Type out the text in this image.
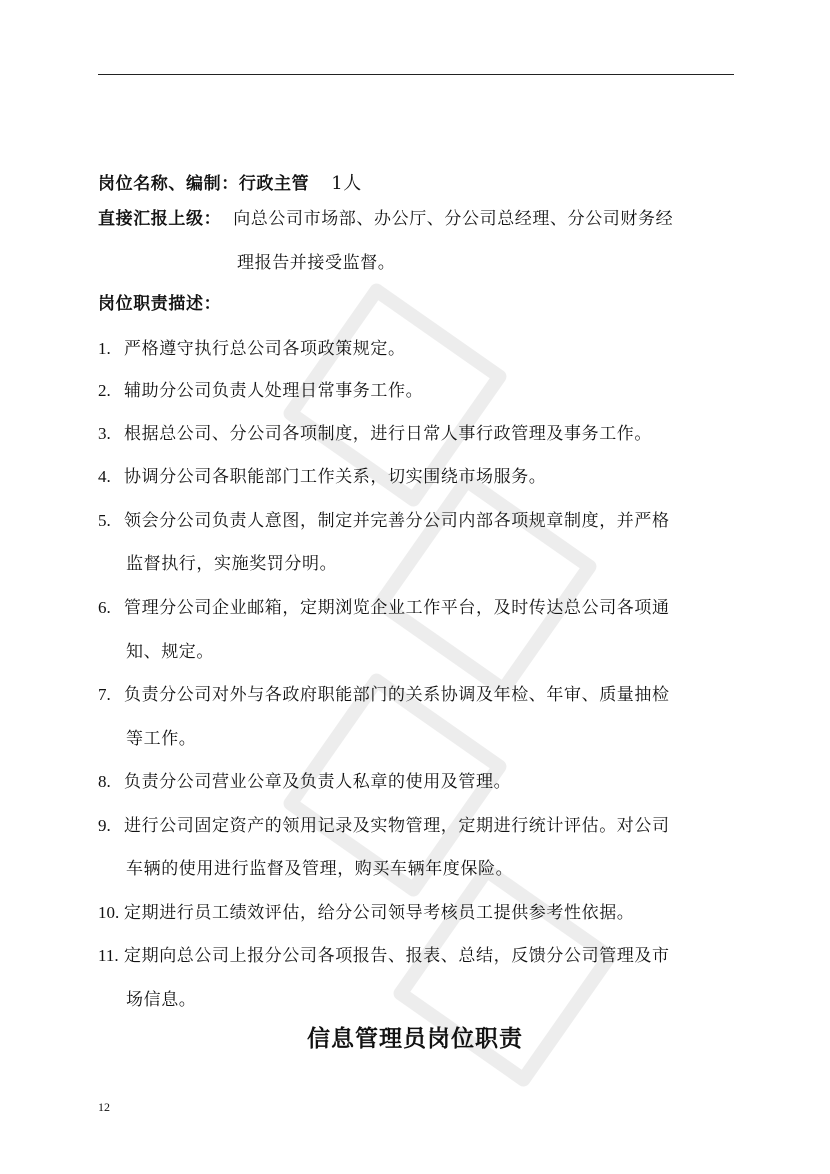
岗位名称、编制：行政主管 1人
直接汇报上级： 向总公司市场部、办公厅、分公司总经理、分公司财务经
理报告并接受监督。
岗位职责描述：
1. 严格遵守执行总公司各项政策规定。
2. 辅助分公司负责人处理日常事务工作。
3. 根据总公司、分公司各项制度，进行日常人事行政管理及事务工作。
4. 协调分公司各职能部门工作关系，切实围绕市场服务。
5. 领会分公司负责人意图，制定并完善分公司内部各项规章制度，并严格
监督执行，实施奖罚分明。
6. 管理分公司企业邮箱，定期浏览企业工作平台，及时传达总公司各项通
知、规定。
7. 负责分公司对外与各政府职能部门的关系协调及年检、年审、质量抽检
等工作。
8. 负责分公司营业公章及负责人私章的使用及管理。
9. 进行公司固定资产的领用记录及实物管理，定期进行统计评估。对公司
车辆的使用进行监督及管理，购买车辆年度保险。
10. 定期进行员工绩效评估，给分公司领导考核员工提供参考性依据。
11. 定期向总公司上报分公司各项报告、报表、总结，反馈分公司管理及市
场信息。
信息管理员岗位职责
12
